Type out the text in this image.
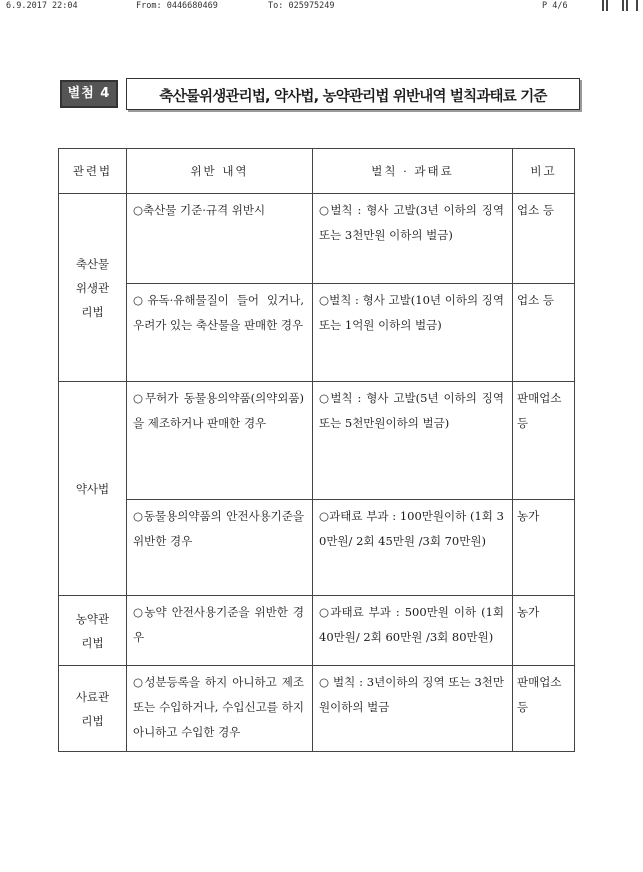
6.9.2017 22:04	From: 0446680469	To: 025975249	P 4/6
별첨 4	축산물위생관리법, 약사법, 농약관리법 위반내역 벌칙과태료 기준
관련법	위반 내역	벌칙 · 과태료	비고

축산물 위생관 리법	○축산물 기준·규격 위반시	○벌칙 : 형사 고발(3년 이하의 징역 또는 3천만원 이하의 벌금)	업소 등

	○유독·유해물질이 들어 있거나, 우려가 있는 축산물을 판매한 경우	○벌칙 : 형사 고발(10년 이하의 징역 또는 1억원 이하의 벌금)	업소 등

약사법	○무허가 동물용의약품(의약외품)을 제조하거나 판매한 경우	○벌칙 : 형사 고발(5년 이하의 징역 또는 5천만원이하의 벌금)	판매업소 등

	○동물용의약품의 안전사용기준을 위반한 경우	○과태료 부과 : 100만원이하 (1회 30만원/ 2회 45만원 /3회 70만원)	농가

농약관 리법	○농약 안전사용기준을 위반한 경우	○과태료 부과 : 500만원 이하 (1회 40만원/ 2회 60만원 /3회 80만원)	농가

사료관 리법	○성분등록을 하지 아니하고 제조 또는 수입하거나, 수입신고를 하지 아니하고 수입한 경우	○ 벌칙 : 3년이하의 징역 또는 3천만원이하의 벌금	판매업소 등
